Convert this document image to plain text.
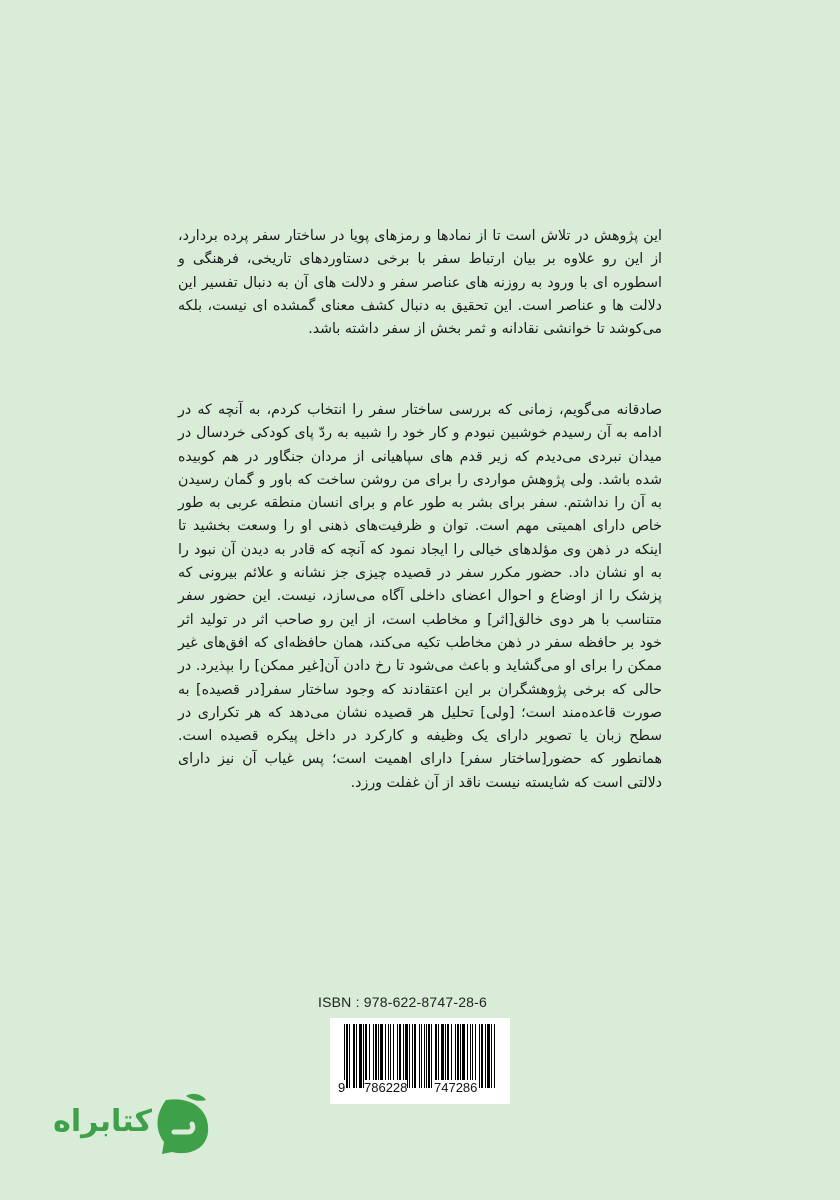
این پژوهش در تلاش است تا از نمادها و رمزهای پویا در ساختار سفر پرده بردارد، از این رو علاوه بر بیان ارتباط سفر با برخی دستاوردهای تاریخی، فرهنگی و اسطوره ای با ورود به روزنه های عناصر سفر و دلالت های آن به دنبال تفسیر این دلالت ها و عناصر است. این تحقیق به دنبال کشف معنای گمشده ای نیست، بلکه می‌کوشد تا خوانشی نقادانه و ثمر بخش از سفر داشته باشد.

صادقانه می‌گویم، زمانی که بررسی ساختار سفر را انتخاب کردم، به آنچه که در ادامه به آن رسیدم خوشبین نبودم و کار خود را شبیه به ردّ پای کودکی خردسال در میدان نبردی می‌دیدم که زیر قدم های سپاهیانی از مردان جنگاور در هم کوبیده شده باشد. ولی پژوهش مواردی را برای من روشن ساخت که باور و گمان رسیدن به آن را نداشتم. سفر برای بشر به طور عام و برای انسان منطقه عربی به طور خاص دارای اهمیتی مهم است. توان و ظرفیت‌های ذهنی او را وسعت بخشید تا اینکه در ذهن وی مؤلدهای خیالی را ایجاد نمود که آنچه که قادر به دیدن آن نبود را به او نشان داد. حضور مکرر سفر در قصیده چیزی جز نشانه و علائم بیرونی که پزشک را از اوضاع و احوال اعضای داخلی آگاه می‌سازد، نیست. این حضور سفر متناسب با هر دوی خالق[اثر] و مخاطب است، از این رو صاحب اثر در تولید اثر خود بر حافظه سفر در ذهن مخاطب تکیه می‌کند، همان حافظه‌ای که افق‌های غیر ممکن را برای او می‌گشاید و باعث می‌شود تا رخ دادن آن[غیر ممکن] را بپذیرد. در حالی که برخی پژوهشگران بر این اعتقادند که وجود ساختار سفر[در قصیده] به صورت قاعده‌مند است؛ [ولی] تحلیل هر قصیده نشان می‌دهد که هر تکراری در سطح زبان یا تصویر دارای یک وظیفه و کارکرد در داخل پیکره قصیده است. همانطور که حضور[ساختار سفر] دارای اهمیت است؛ پس غیاب آن نیز دارای دلالتی است که شایسته نیست ناقد از آن غفلت ورزد.

ISBN : 978-622-8747-28-6
9 786228 747286
کتابراه
